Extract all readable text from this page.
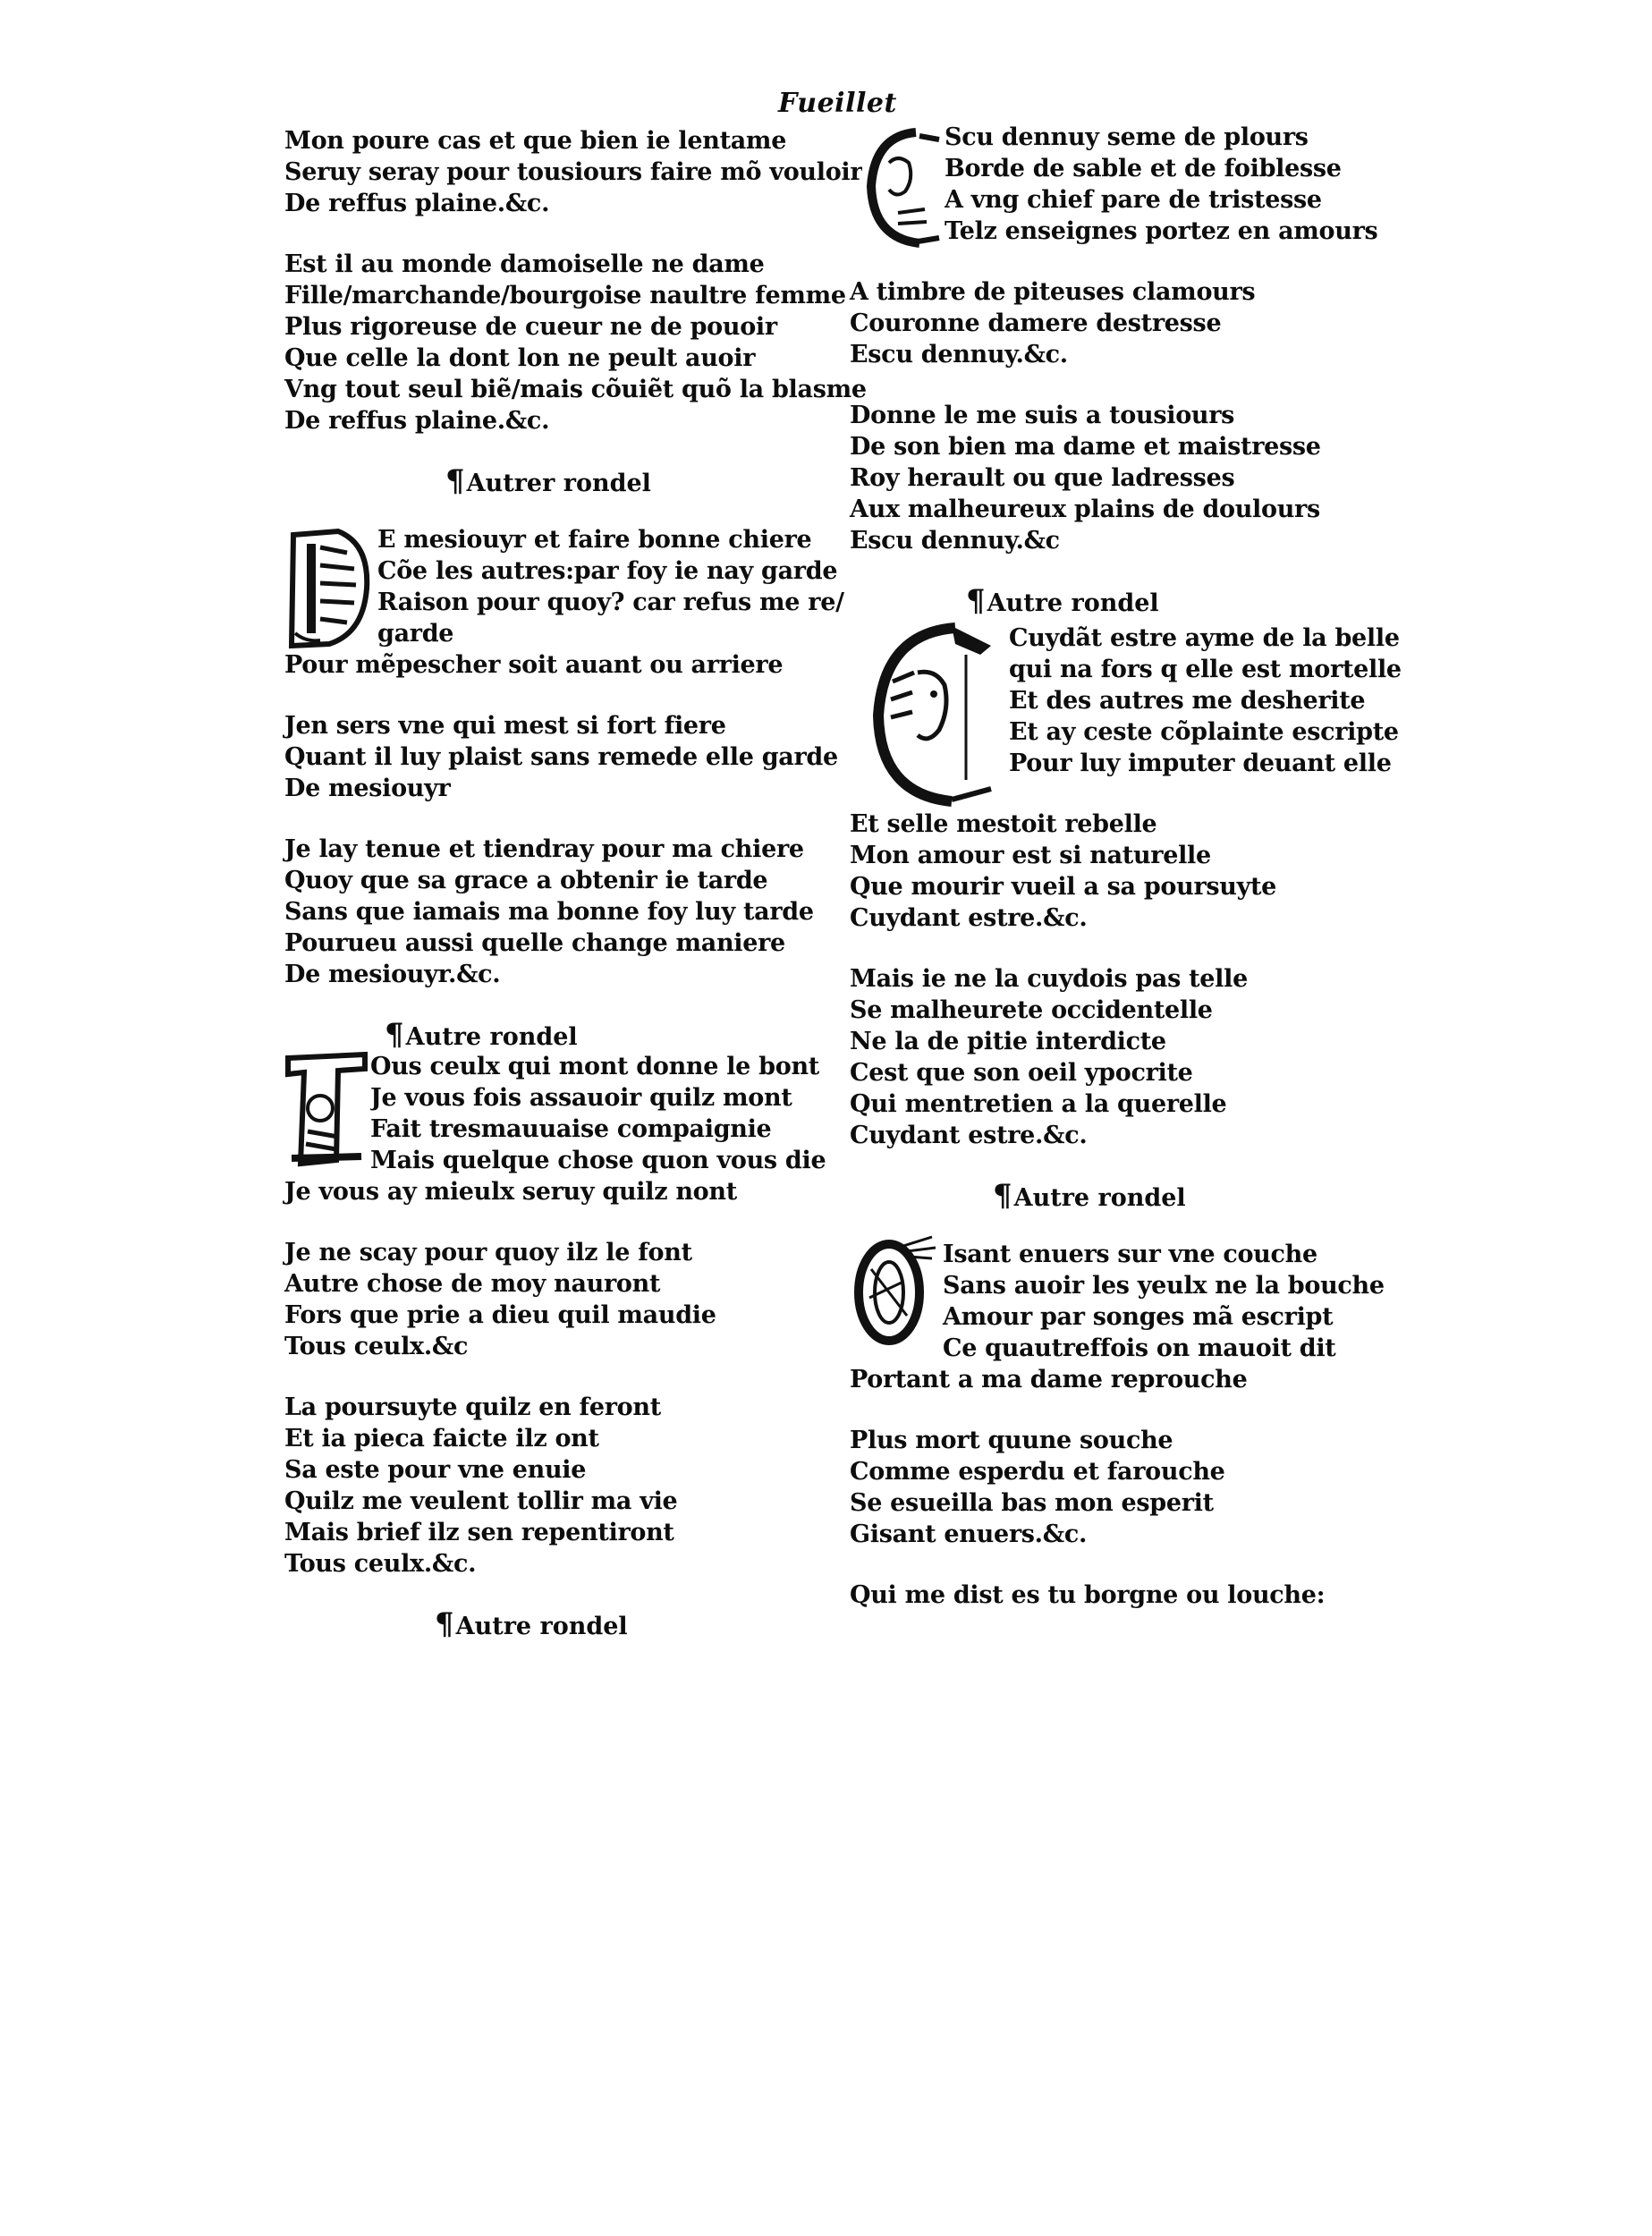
Fueillet
Mon poure cas et que bien ie lentame
Seruy seray pour tousiours faire mõ vouloir
De reffus plaine.&c.
Est il au monde damoiselle ne dame
Fille/marchande/bourgoise naultre femme
Plus rigoreuse de cueur ne de pouoir
Que celle la dont lon ne peult auoir
Vng tout seul biẽ/mais cõuiẽt quõ la blasme
De reffus plaine.&c.
¶Autrer rondel
E mesiouyr et faire bonne chiere
Cõe les autres:par foy ie nay garde
Raison pour quoy? car refus me re/
garde
Pour mẽpescher soit auant ou arriere
Jen sers vne qui mest si fort fiere
Quant il luy plaist sans remede elle garde
De mesiouyr
Je lay tenue et tiendray pour ma chiere
Quoy que sa grace a obtenir ie tarde
Sans que iamais ma bonne foy luy tarde
Pourueu aussi quelle change maniere
De mesiouyr.&c.
¶Autre rondel
Ous ceulx qui mont donne le bont
Je vous fois assauoir quilz mont
Fait tresmauuaise compaignie
Mais quelque chose quon vous die
Je vous ay mieulx seruy quilz nont
Je ne scay pour quoy ilz le font
Autre chose de moy nauront
Fors que prie a dieu quil maudie
Tous ceulx.&c
La poursuyte quilz en feront
Et ia pieca faicte ilz ont
Sa este pour vne enuie
Quilz me veulent tollir ma vie
Mais brief ilz sen repentiront
Tous ceulx.&c.
¶Autre rondel
Scu dennuy seme de plours
Borde de sable et de foiblesse
A vng chief pare de tristesse
Telz enseignes portez en amours
A timbre de piteuses clamours
Couronne damere destresse
Escu dennuy.&c.
Donne le me suis a tousiours
De son bien ma dame et maistresse
Roy herault ou que ladresses
Aux malheureux plains de doulours
Escu dennuy.&c
¶Autre rondel
Cuydãt estre ayme de la belle
qui na fors q elle est mortelle
Et des autres me desherite
Et ay ceste cõplainte escripte
Pour luy imputer deuant elle
Et selle mestoit rebelle
Mon amour est si naturelle
Que mourir vueil a sa poursuyte
Cuydant estre.&c.
Mais ie ne la cuydois pas telle
Se malheurete occidentelle
Ne la de pitie interdicte
Cest que son oeil ypocrite
Qui mentretien a la querelle
Cuydant estre.&c.
¶Autre rondel
Isant enuers sur vne couche
Sans auoir les yeulx ne la bouche
Amour par songes mã escript
Ce quautreffois on mauoit dit
Portant a ma dame reprouche
Plus mort quune souche
Comme esperdu et farouche
Se esueilla bas mon esperit
Gisant enuers.&c.
Qui me dist es tu borgne ou louche:
